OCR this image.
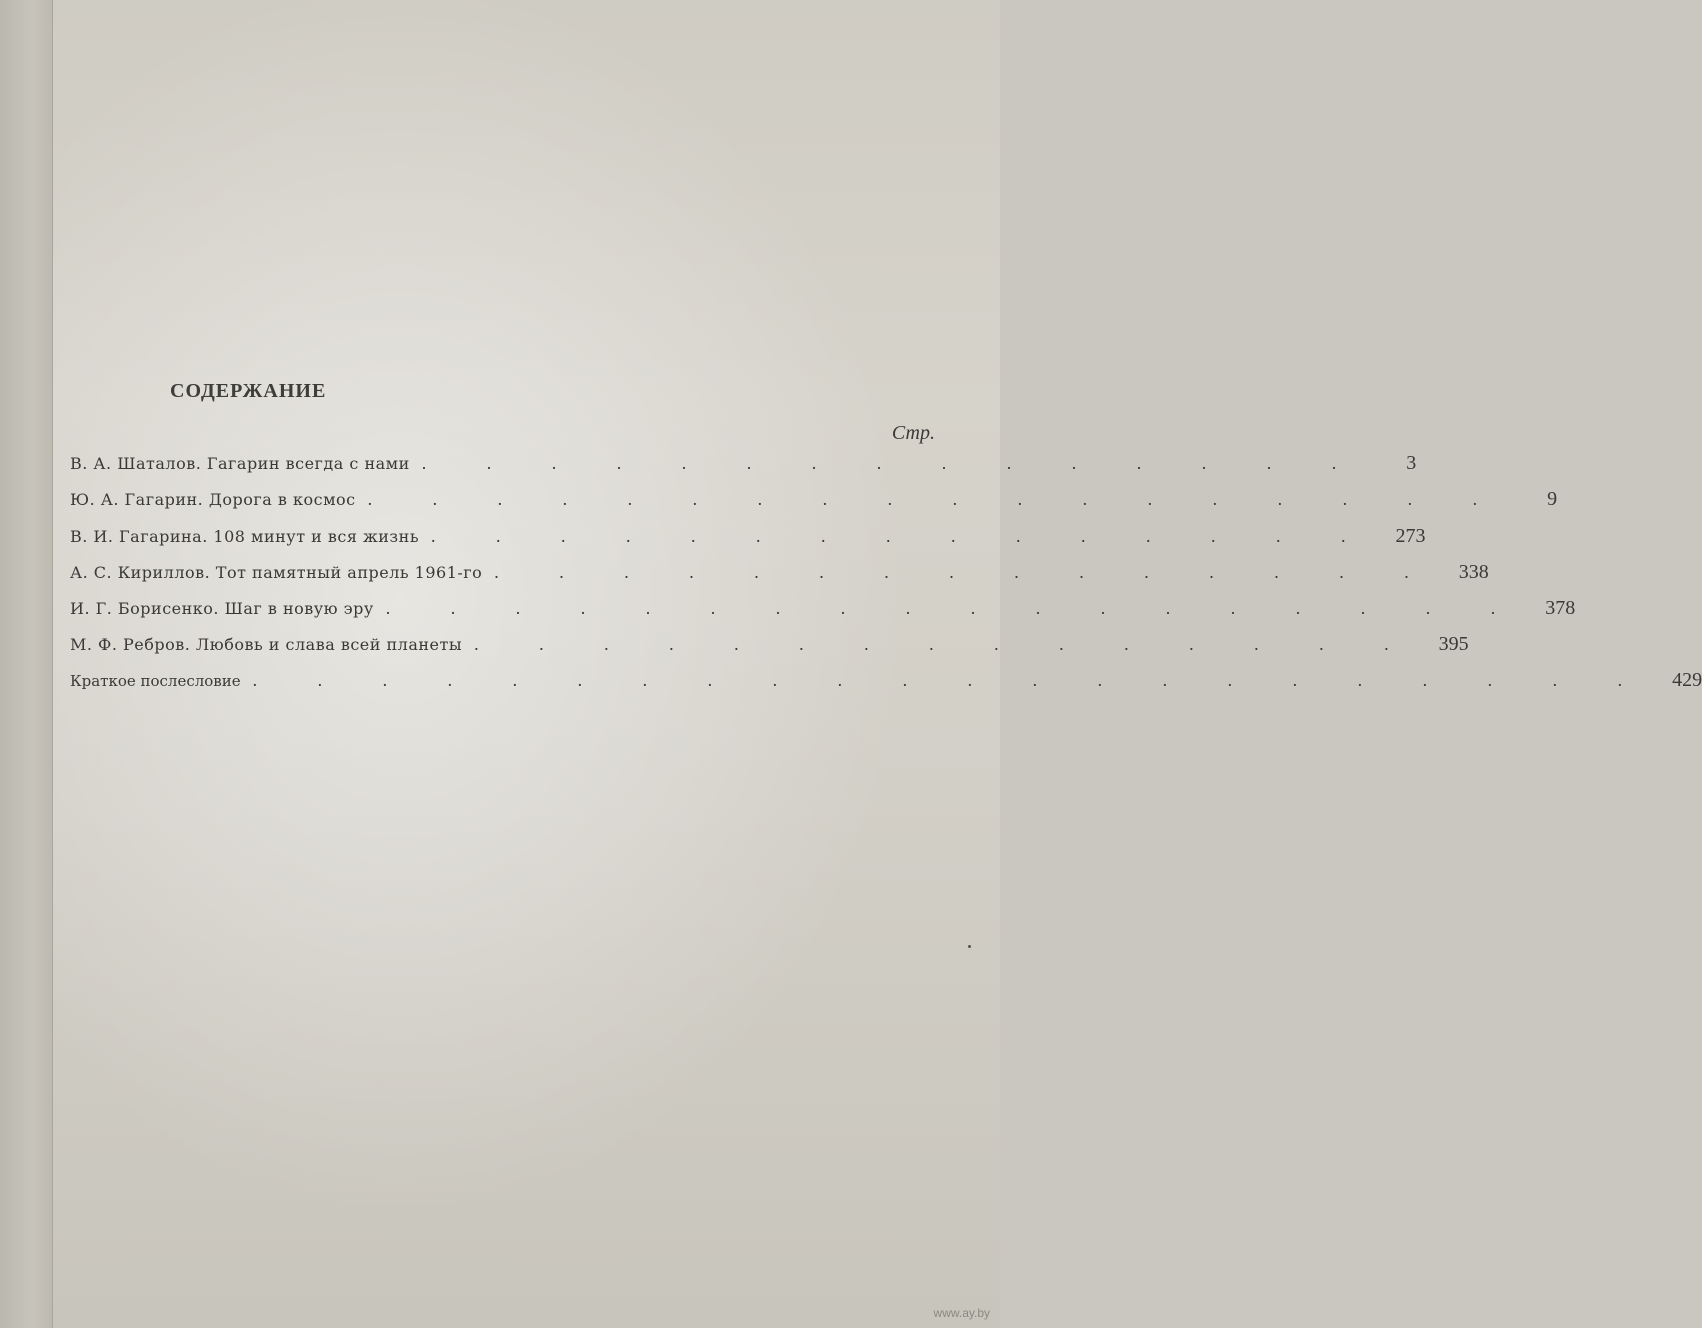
СОДЕРЖАНИЕ
Стр.
В. А. Шаталов. Гагарин всегда с нами . . . . . . . . . . . . . . .	3
Ю. А. Гагарин. Дорога в космос . . . . . . . . . . . . . . . . . .	9
В. И. Гагарина. 108 минут и вся жизнь . . . . . . . . . . . . . . .	273
А. С. Кириллов. Тот памятный апрель 1961-го . . . . . . . . . . . . . . .	338
И. Г. Борисенко. Шаг в новую эру . . . . . . . . . . . . . . . . . .	378
М. Ф. Ребров. Любовь и слава всей планеты . . . . . . . . . . . . . . .	395
Краткое послесловие . . . . . . . . . . . . . . . . . . . . . .	429
www.ay.by
